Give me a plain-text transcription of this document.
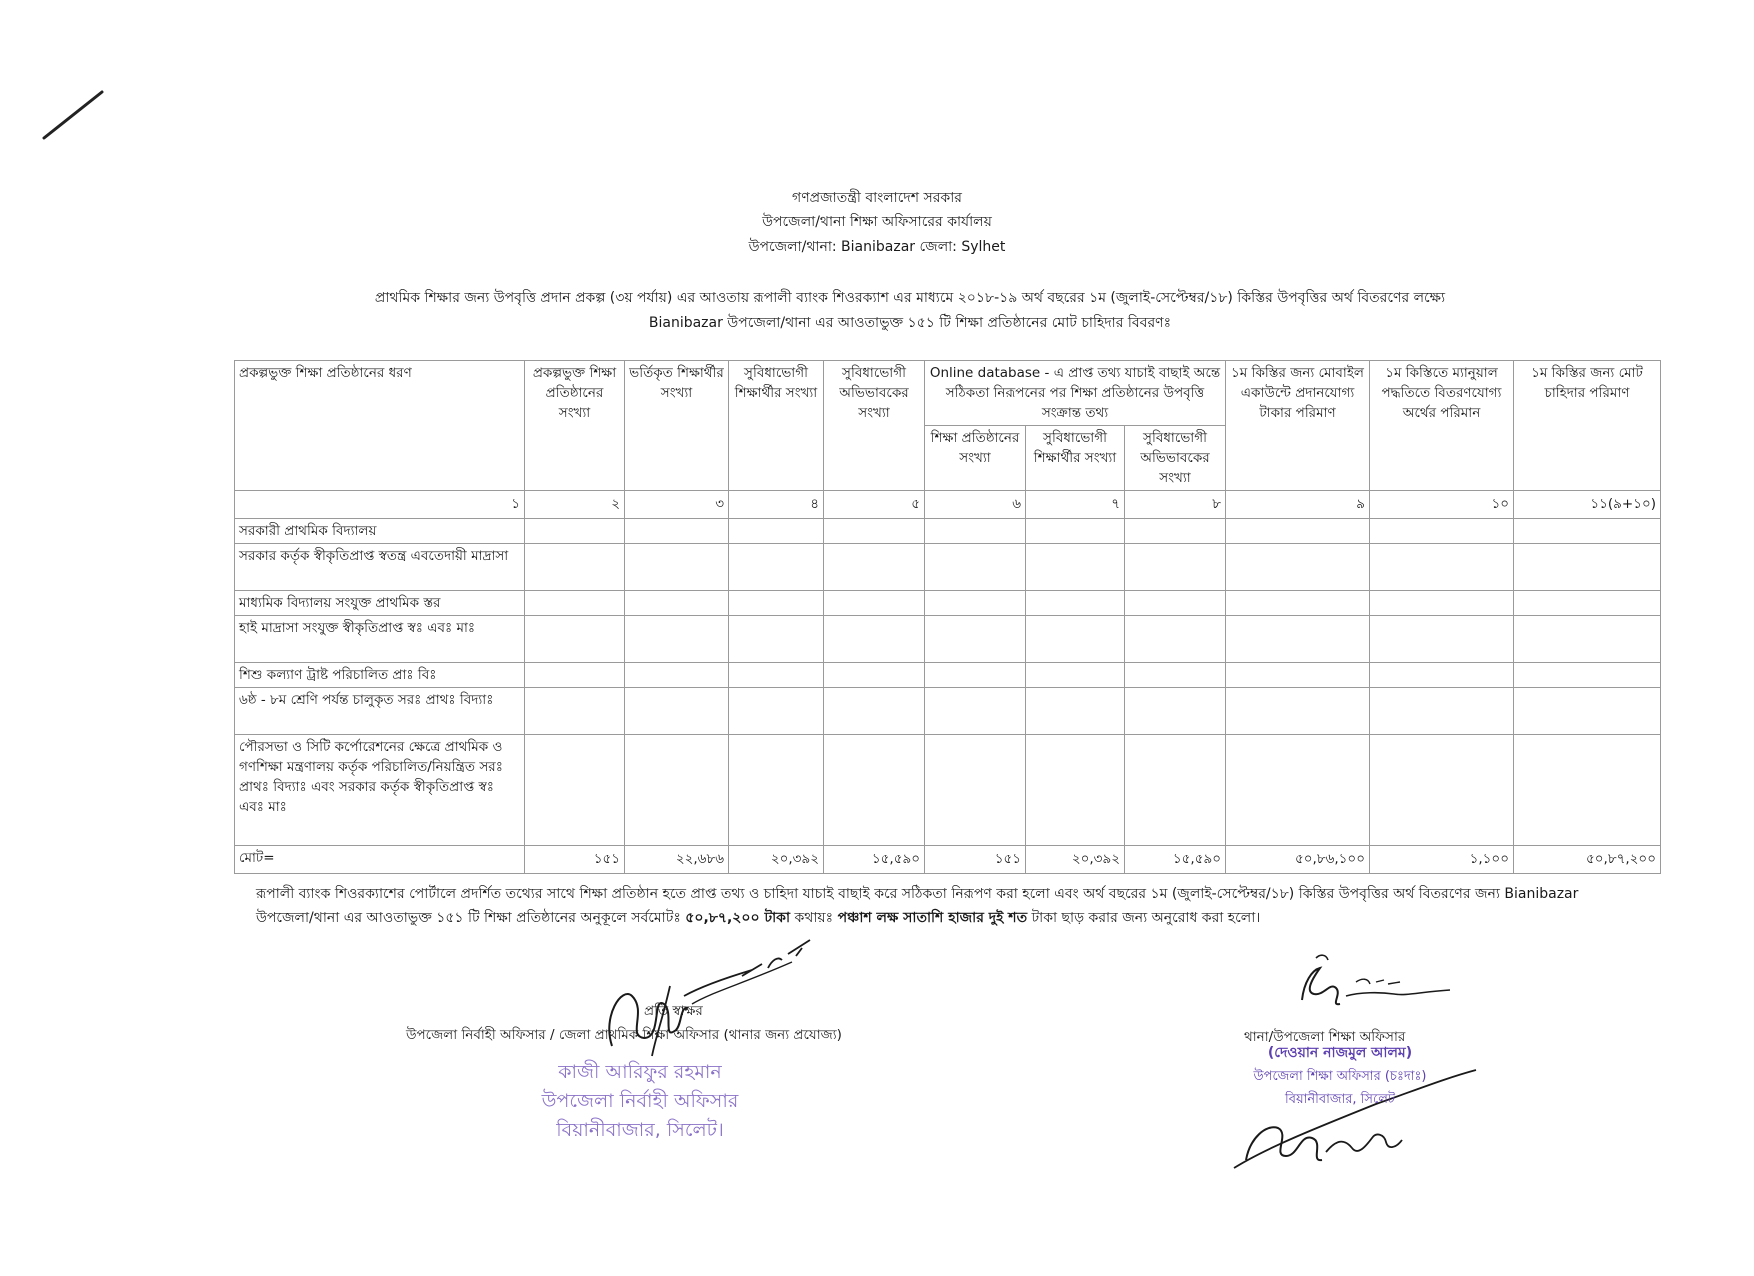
গণপ্রজাতন্ত্রী বাংলাদেশ সরকার
উপজেলা/থানা শিক্ষা অফিসারের কার্যালয়
উপজেলা/থানা: Bianibazar জেলা: Sylhet
প্রাথমিক শিক্ষার জন্য উপবৃত্তি প্রদান প্রকল্প (৩য় পর্যায়) এর আওতায় রূপালী ব্যাংক শিওরক্যাশ এর মাধ্যমে ২০১৮-১৯ অর্থ বছরের ১ম (জুলাই-সেপ্টেম্বর/১৮) কিস্তির উপবৃত্তির অর্থ বিতরণের লক্ষ্যে
Bianibazar উপজেলা/থানা এর আওতাভুক্ত ১৫১ টি শিক্ষা প্রতিষ্ঠানের মোট চাহিদার বিবরণঃ
প্রকল্পভুক্ত শিক্ষা প্রতিষ্ঠানের ধরণ	প্রকল্পভুক্ত শিক্ষা প্রতিষ্ঠানের সংখ্যা	ভর্তিকৃত শিক্ষার্থীর সংখ্যা	সুবিধাভোগী শিক্ষার্থীর সংখ্যা	সুবিধাভোগী অভিভাবকের সংখ্যা	Online database - এ প্রাপ্ত তথ্য যাচাই বাছাই অন্তে সঠিকতা নিরূপনের পর শিক্ষা প্রতিষ্ঠানের উপবৃত্তি সংক্রান্ত তথ্য			১ম কিস্তির জন্য মোবাইল একাউন্টে প্রদানযোগ্য টাকার পরিমাণ	১ম কিস্তিতে ম্যানুয়াল পদ্ধতিতে বিতরণযোগ্য অর্থের পরিমান	১ম কিস্তির জন্য মোট চাহিদার পরিমাণ
					শিক্ষা প্রতিষ্ঠানের সংখ্যা	সুবিধাভোগী শিক্ষার্থীর সংখ্যা	সুবিধাভোগী অভিভাবকের সংখ্যা			
১	২	৩	৪	৫	৬	৭	৮	৯	১০	১১(৯+১০)
সরকারী প্রাথমিক বিদ্যালয়										
সরকার কর্তৃক স্বীকৃতিপ্রাপ্ত স্বতন্ত্র এবতেদায়ী মাদ্রাসা										
মাধ্যমিক বিদ্যালয় সংযুক্ত প্রাথমিক স্তর										
হাই মাদ্রাসা সংযুক্ত স্বীকৃতিপ্রাপ্ত স্বঃ এবঃ মাঃ										
শিশু কল্যাণ ট্রাষ্ট পরিচালিত প্রাঃ বিঃ										
৬ষ্ঠ - ৮ম শ্রেণি পর্যন্ত চালুকৃত সরঃ প্রাথঃ বিদ্যাঃ										
পৌরসভা ও সিটি কর্পোরেশনের ক্ষেত্রে প্রাথমিক ও গণশিক্ষা মন্ত্রণালয় কর্তৃক পরিচালিত/নিয়ন্ত্রিত সরঃ প্রাথঃ বিদ্যাঃ এবং সরকার কর্তৃক স্বীকৃতিপ্রাপ্ত স্বঃ এবঃ মাঃ										
মোট=	১৫১	২২,৬৮৬	২০,৩৯২	১৫,৫৯০	১৫১	২০,৩৯২	১৫,৫৯০	৫০,৮৬,১০০	১,১০০	৫০,৮৭,২০০
রূপালী ব্যাংক শিওরক্যাশের পোর্টালে প্রদর্শিত তথ্যের সাথে শিক্ষা প্রতিষ্ঠান হতে প্রাপ্ত তথ্য ও চাহিদা যাচাই বাছাই করে সঠিকতা নিরূপণ করা হলো এবং অর্থ বছরের ১ম (জুলাই-সেপ্টেম্বর/১৮) কিস্তির উপবৃত্তির অর্থ বিতরণের জন্য Bianibazar উপজেলা/থানা এর আওতাভুক্ত ১৫১ টি শিক্ষা প্রতিষ্ঠানের অনুকূলে সর্বমোটঃ ৫০,৮৭,২০০ টাকা কথায়ঃ পঞ্চাশ লক্ষ সাতাশি হাজার দুই শত টাকা ছাড় করার জন্য অনুরোধ করা হলো।
প্রতি স্বাক্ষর
উপজেলা নির্বাহী অফিসার / জেলা প্রাথমিক শিক্ষা অফিসার (থানার জন্য প্রযোজ্য)	থানা/উপজেলা শিক্ষা অফিসার
কাজী আরিফুর রহমান
উপজেলা নির্বাহী অফিসার
বিয়ানীবাজার, সিলেট।
(দেওয়ান নাজমুল আলম)
উপজেলা শিক্ষা অফিসার (চঃদাঃ)
বিয়ানীবাজার, সিলেট
